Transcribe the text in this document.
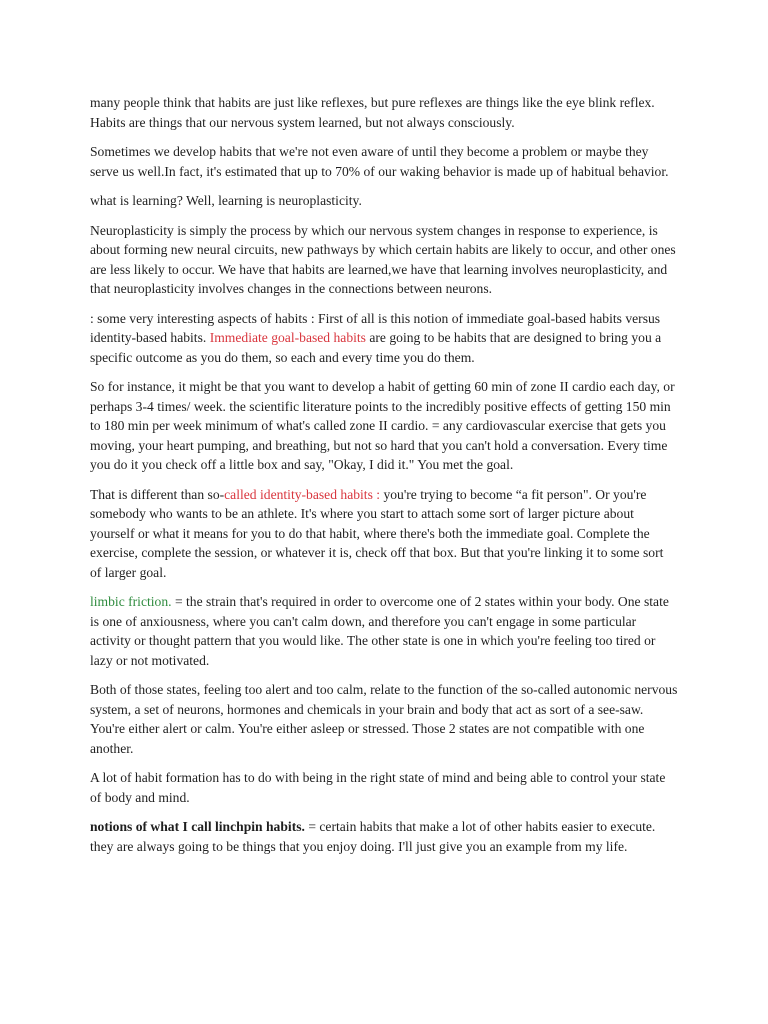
many people think that habits are just like reflexes, but pure reflexes are things like the eye blink reflex. Habits are things that our nervous system learned, but not always consciously.

Sometimes we develop habits that we're not even aware of until they become a problem or maybe they serve us well.In fact, it's estimated that up to 70% of our waking behavior is made up of habitual behavior.

what is learning? Well, learning is neuroplasticity.

Neuroplasticity is simply the process by which our nervous system changes in response to experience, is about forming new neural circuits, new pathways by which certain habits are likely to occur, and other ones are less likely to occur. We have that habits are learned,we have that learning involves neuroplasticity, and that neuroplasticity involves changes in the connections between neurons.

: some very interesting aspects of habits : First of all is this notion of immediate goal-based habits versus identity-based habits. Immediate goal-based habits are going to be habits that are designed to bring you a specific outcome as you do them, so each and every time you do them.

So for instance, it might be that you want to develop a habit of getting 60 min of zone II cardio each day, or perhaps 3-4 times/ week. the scientific literature points to the incredibly positive effects of getting 150 min to 180 min per week minimum of what's called zone II cardio. = any cardiovascular exercise that gets you moving, your heart pumping, and breathing, but not so hard that you can't hold a conversation. Every time you do it you check off a little box and say, "Okay, I did it." You met the goal.

That is different than so-called identity-based habits : you're trying to become “a fit person". Or you're somebody who wants to be an athlete. It's where you start to attach some sort of larger picture about yourself or what it means for you to do that habit, where there's both the immediate goal. Complete the exercise, complete the session, or whatever it is, check off that box. But that you're linking it to some sort of larger goal.

limbic friction. = the strain that's required in order to overcome one of 2 states within your body. One state is one of anxiousness, where you can't calm down, and therefore you can't engage in some particular activity or thought pattern that you would like. The other state is one in which you're feeling too tired or lazy or not motivated.

Both of those states, feeling too alert and too calm, relate to the function of the so-called autonomic nervous system, a set of neurons, hormones and chemicals in your brain and body that act as sort of a see-saw. You're either alert or calm. You're either asleep or stressed. Those 2 states are not compatible with one another.

A lot of habit formation has to do with being in the right state of mind and being able to control your state of body and mind.

notions of what I call linchpin habits. = certain habits that make a lot of other habits easier to execute. they are always going to be things that you enjoy doing. I'll just give you an example from my life.
